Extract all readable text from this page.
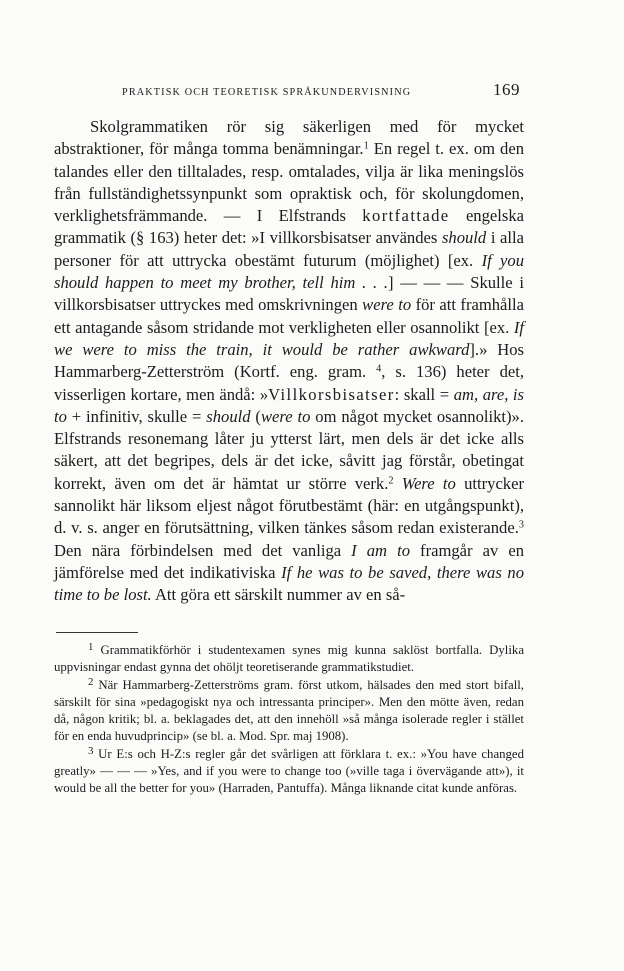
PRAKTISK OCH TEORETISK SPRÅKUNDERVISNING	169

Skolgrammatiken rör sig säkerligen med för mycket abstraktioner, för många tomma benämningar.$^1$ En regel t. ex. om den talandes eller den tilltalades, resp. omtalades, vilja är lika meningslös från fullständighetssynpunkt som opraktisk och, för skolungdomen, verklighetsfrämmande. — I Elfstrands kortfattade engelska grammatik (§ 163) heter det: »I villkorsbisatser användes should i alla personer för att uttrycka obestämt futurum (möjlighet) [ex. If you should happen to meet my brother, tell him . . .] — — — Skulle i villkorsbisatser uttryckes med omskrivningen were to för att framhålla ett antagande såsom stridande mot verkligheten eller osannolikt [ex. If we were to miss the train, it would be rather awkward].» Hos Hammarberg-Zetterström (Kortf. eng. gram. $^4$, s. 136) heter det, visserligen kortare, men ändå: »Villkorsbisatser: skall = am, are, is to + infinitiv, skulle = should (were to om något mycket osannolikt)». Elfstrands resonemang låter ju ytterst lärt, men dels är det icke alls säkert, att det begripes, dels är det icke, såvitt jag förstår, obetingat korrekt, även om det är hämtat ur större verk.$^2$ Were to uttrycker sannolikt här liksom eljest något förutbestämt (här: en utgångspunkt), d. v. s. anger en förutsättning, vilken tänkes såsom redan existerande.$^3$ Den nära förbindelsen med det vanliga I am to framgår av en jämförelse med det indikativiska If he was to be saved, there was no time to be lost. Att göra ett särskilt nummer av en så-

$^1$ Grammatikförhör i studentexamen synes mig kunna saklöst bortfalla. Dylika uppvisningar endast gynna det ohöljt teoretiserande grammatikstudiet.

$^2$ När Hammarberg-Zetterströms gram. först utkom, hälsades den med stort bifall, särskilt för sina »pedagogiskt nya och intressanta principer». Men den mötte även, redan då, någon kritik; bl. a. beklagades det, att den innehöll »så många isolerade regler i stället för en enda huvudprincip» (se bl. a. Mod. Spr. maj 1908).

$^3$ Ur E:s och H-Z:s regler går det svårligen att förklara t. ex.: »You have changed greatly» — — — »Yes, and if you were to change too (»ville taga i övervägande att»), it would be all the better for you» (Harraden, Pantuffa). Många liknande citat kunde anföras.
